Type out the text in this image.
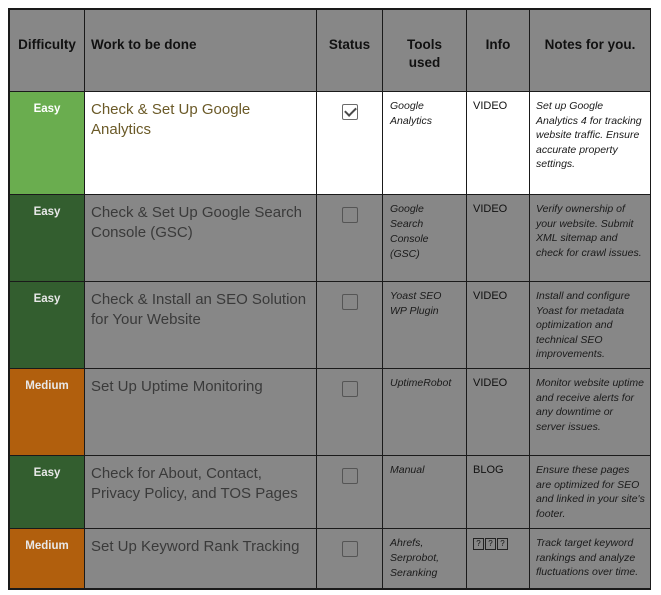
Difficulty	Work to be done	Status	Tools used	Info	Notes for you.
Easy	Check & Set Up Google Analytics		Google Analytics	VIDEO	Set up Google Analytics 4 for tracking website traffic. Ensure accurate property settings.
Easy	Check & Set Up Google Search Console (GSC)		Google Search Console (GSC)	VIDEO	Verify ownership of your website. Submit XML sitemap and check for crawl issues.
Easy	Check & Install an SEO Solution for Your Website		Yoast SEO WP Plugin	VIDEO	Install and configure Yoast for metadata optimization and technical SEO improvements.
Medium	Set Up Uptime Monitoring		UptimeRobot	VIDEO	Monitor website uptime and receive alerts for any downtime or server issues.
Easy	Check for About, Contact, Privacy Policy, and TOS Pages		Manual	BLOG	Ensure these pages are optimized for SEO and linked in your site's footer.
Medium	Set Up Keyword Rank Tracking		Ahrefs, Serprobot, Seranking	? ? ?	Track target keyword rankings and analyze fluctuations over time.
